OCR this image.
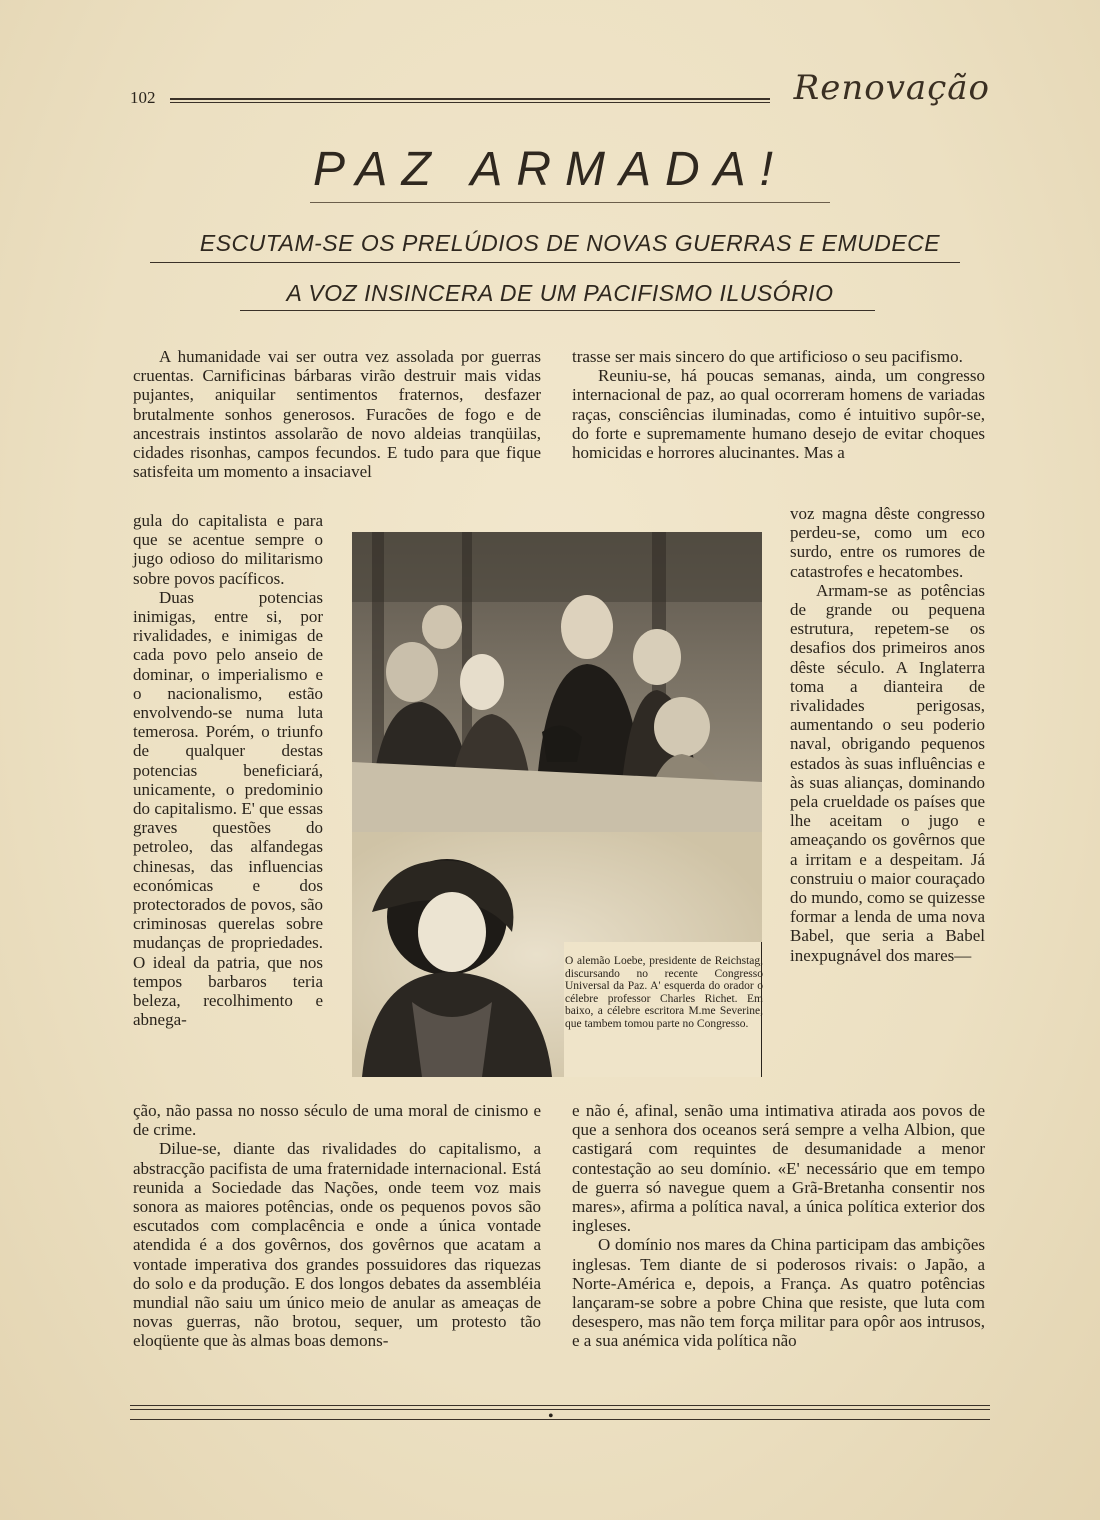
102	Renovação
PAZ ARMADA!
ESCUTAM-SE OS PRELÚDIOS DE NOVAS GUERRAS E EMUDECE
A VOZ INSINCERA DE UM PACIFISMO ILUSÓRIO

A humanidade vai ser outra vez assolada por guerras cruentas. Carnificinas bárbaras virão destruir mais vidas pujantes, aniquilar sentimentos fraternos, desfazer brutalmente sonhos generosos. Furacões de fogo e de ancestrais instintos assolarão de novo aldeias tranqüilas, cidades risonhas, campos fecundos. E tudo para que fique satisfeita um momento a insaciavel

gula do capitalista e para que se acentue sempre o jugo odioso do militarismo sobre povos pacíficos.

Duas potencias inimigas, entre si, por rivalidades, e inimigas de cada povo pelo anseio de dominar, o imperialismo e o nacionalismo, estão envolvendo-se numa luta temerosa. Porém, o triunfo de qualquer destas potencias beneficiará, unicamente, o predominio do capitalismo. E' que essas graves questões do petroleo, das alfandegas chinesas, das influencias económicas e dos protectorados de povos, são criminosas querelas sobre mudanças de propriedades. O ideal da patria, que nos tempos barbaros teria beleza, recolhimento e abnega-

ção, não passa no nosso século de uma moral de cinismo e de crime.

Dilue-se, diante das rivalidades do capitalismo, a abstracção pacifista de uma fraternidade internacional. Está reunida a Sociedade das Nações, onde teem voz mais sonora as maiores potências, onde os pequenos povos são escutados com complacência e onde a única vontade atendida é a dos govêrnos, dos govêrnos que acatam a vontade imperativa dos grandes possuidores das riquezas do solo e da produção. E dos longos debates da assembléia mundial não saiu um único meio de anular as ameaças de novas guerras, não brotou, sequer, um protesto tão eloqüente que às almas boas demons-

trasse ser mais sincero do que artificioso o seu pacifismo.

Reuniu-se, há poucas semanas, ainda, um congresso internacional de paz, ao qual ocorreram homens de variadas raças, consciências iluminadas, como é intuitivo supôr-se, do forte e supremamente humano desejo de evitar choques homicidas e horrores alucinantes. Mas a

voz magna dêste congresso perdeu-se, como um eco surdo, entre os rumores de catastrofes e hecatombes.

Armam-se as potências de grande ou pequena estrutura, repetem-se os desafios dos primeiros anos dêste século. A Inglaterra toma a dianteira de rivalidades perigosas, aumentando o seu poderio naval, obrigando pequenos estados às suas influências e às suas alianças, dominando pela crueldade os países que lhe aceitam o jugo e ameaçando os govêrnos que a irritam e a despeitam. Já construiu o maior couraçado do mundo, como se quizesse formar a lenda de uma nova Babel, que seria a Babel inexpugnável dos mares—

e não é, afinal, senão uma intimativa atirada aos povos de que a senhora dos oceanos será sempre a velha Albion, que castigará com requintes de desumanidade a menor contestação ao seu domínio. «E' necessário que em tempo de guerra só navegue quem a Grã-Bretanha consentir nos mares», afirma a política naval, a única política exterior dos ingleses.

O domínio nos mares da China participam das ambições inglesas. Tem diante de si poderosos rivais: o Japão, a Norte-América e, depois, a França. As quatro potências lançaram-se sobre a pobre China que resiste, que luta com desespero, mas não tem força militar para opôr aos intrusos, e a sua anémica vida política não

O alemão Loebe, presidente de Reichstag, discursando no recente Congresso Universal da Paz. A' esquerda do orador o célebre professor Charles Richet. Em baixo, a célebre escritora M.me Severine, que tambem tomou parte no Congresso.
•
